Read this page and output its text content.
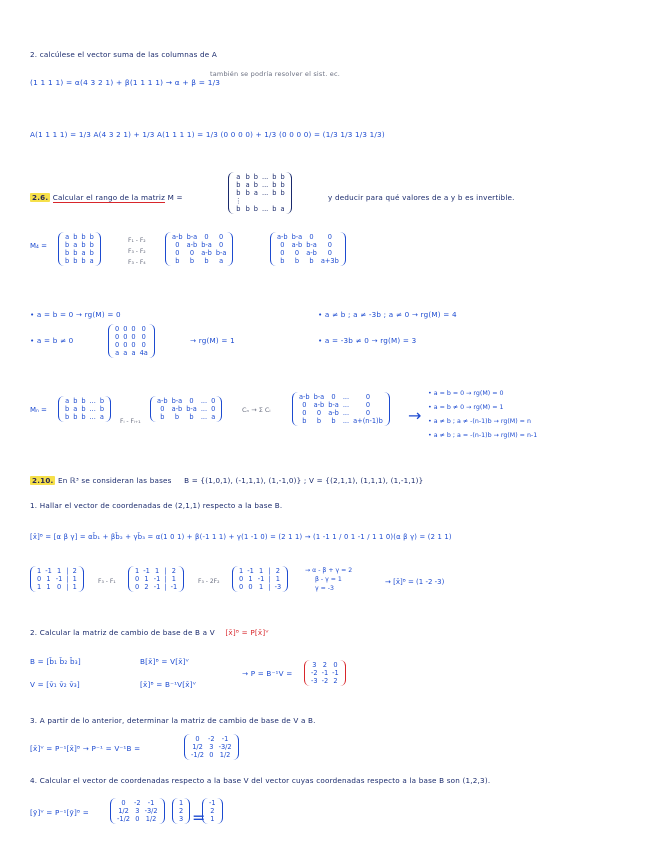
2. calcúlese el vector suma de las columnas de A
(1 1 1 1) = α(4 3 2 1) + β(1 1 1 1) → α + β = 1/3
también se podría resolver el sist. ec.
A(1 1 1 1) = 1/3 A(4 3 2 1) + 1/3 A(1 1 1 1) = 1/3 (0 0 0 0) + 1/3 (0 0 0 0) = (1/3 1/3 1/3 1/3)
2.6. Calcular el rango de la matriz M =
a	b	b	...	b	b
b	a	b	...	b	b
b	b	a	...	b	b
⋮					
b	b	b	...	b	a
y deducir para qué valores de a y b es invertible.
M₄ =
a	b	b	b
b	a	b	b
b	b	a	b
b	b	b	a
F₁ - F₂
F₃ - F₂
F₃ - F₄
a-b	b-a	0	0
0	a-b	b-a	0
0	0	a-b	b-a
b	b	b	a
a-b	b-a	0	0
0	a-b	b-a	0
0	0	a-b	0
b	b	b	a+3b
• a = b = 0 → rg(M) = 0
• a = b ≠ 0
0	0	0	0
0	0	0	0
0	0	0	0
a	a	a	4a
→ rg(M) = 1
• a ≠ b ; a ≠ -3b ; a ≠ 0 → rg(M) = 4
• a = -3b ≠ 0 → rg(M) = 3
Mₙ =
a	b	b	...	b
b	a	b	...	b
b	b	b	...	a
Fᵢ - Fᵢ₊₁
a-b	b-a	0	...	0
0	a-b	b-a	...	0
b	b	b	...	a
Cₙ → Σ Cᵢ
a-b	b-a	0	...	0
0	a-b	b-a	...	0
0	0	a-b	...	0
b	b	b	...	a+(n-1)b →
• a = b = 0 → rg(M) = 0
• a = b ≠ 0 → rg(M) = 1
• a ≠ b ; a ≠ -(n-1)b → rg(M) = n
• a ≠ b ; a = -(n-1)b → rg(M) = n-1
2.10. En ℝ³ se consideran las bases B = {(1,0,1), (-1,1,1), (1,-1,0)} ; V = {(2,1,1), (1,1,1), (1,-1,1)}
1. Hallar el vector de coordenadas de (2,1,1) respecto a la base B.
[x̄]ᴮ = [α β γ] = αb̄₁ + βb̄₂ + γb̄₃ = α(1 0 1) + β(-1 1 1) + γ(1 -1 0) = (2 1 1) → (1 -1 1 / 0 1 -1 / 1 1 0)(α β γ) = (2 1 1)
1	-1	1	|	2
0	1	-1	|	1
1	1	0	|	1
F₃ - F₁
1	-1	1	|	2
0	1	-1	|	1
0	2	-1	|	-1
F₃ - 2F₂
1	-1	1	|	2
0	1	-1	|	1
0	0	1	|	-3
→ α - β + γ = 2
β - γ = 1
γ = -3
→ [x̄]ᴮ = (1 -2 -3)
2. Calcular la matriz de cambio de base de B a V [x̄]ᴮ = P[x̄]ⱽ
B = [b̄₁ b̄₂ b̄₃]
V = [v̄₁ v̄₂ v̄₃]
B[x̄]ᴮ = V[x̄]ⱽ
[x̄]ᴮ = B⁻¹V[x̄]ⱽ
→ P = B⁻¹V =
3	2	0
-2	-1	-1
-3	-2	2
3. A partir de lo anterior, determinar la matriz de cambio de base de V a B.
[x̄]ⱽ = P⁻¹[x̄]ᴮ → P⁻¹ = V⁻¹B =
0	-2	-1
1/2	3	-3/2
-1/2	0	1/2
4. Calcular el vector de coordenadas respecto a la base V del vector cuyas coordenadas respecto a la base B son (1,2,3).
[ȳ]ⱽ = P⁻¹[ȳ]ᴮ =
0	-2	-1
1/2	3	-3/2
-1/2	0	1/2
1
2
3 =
-1
2
1
